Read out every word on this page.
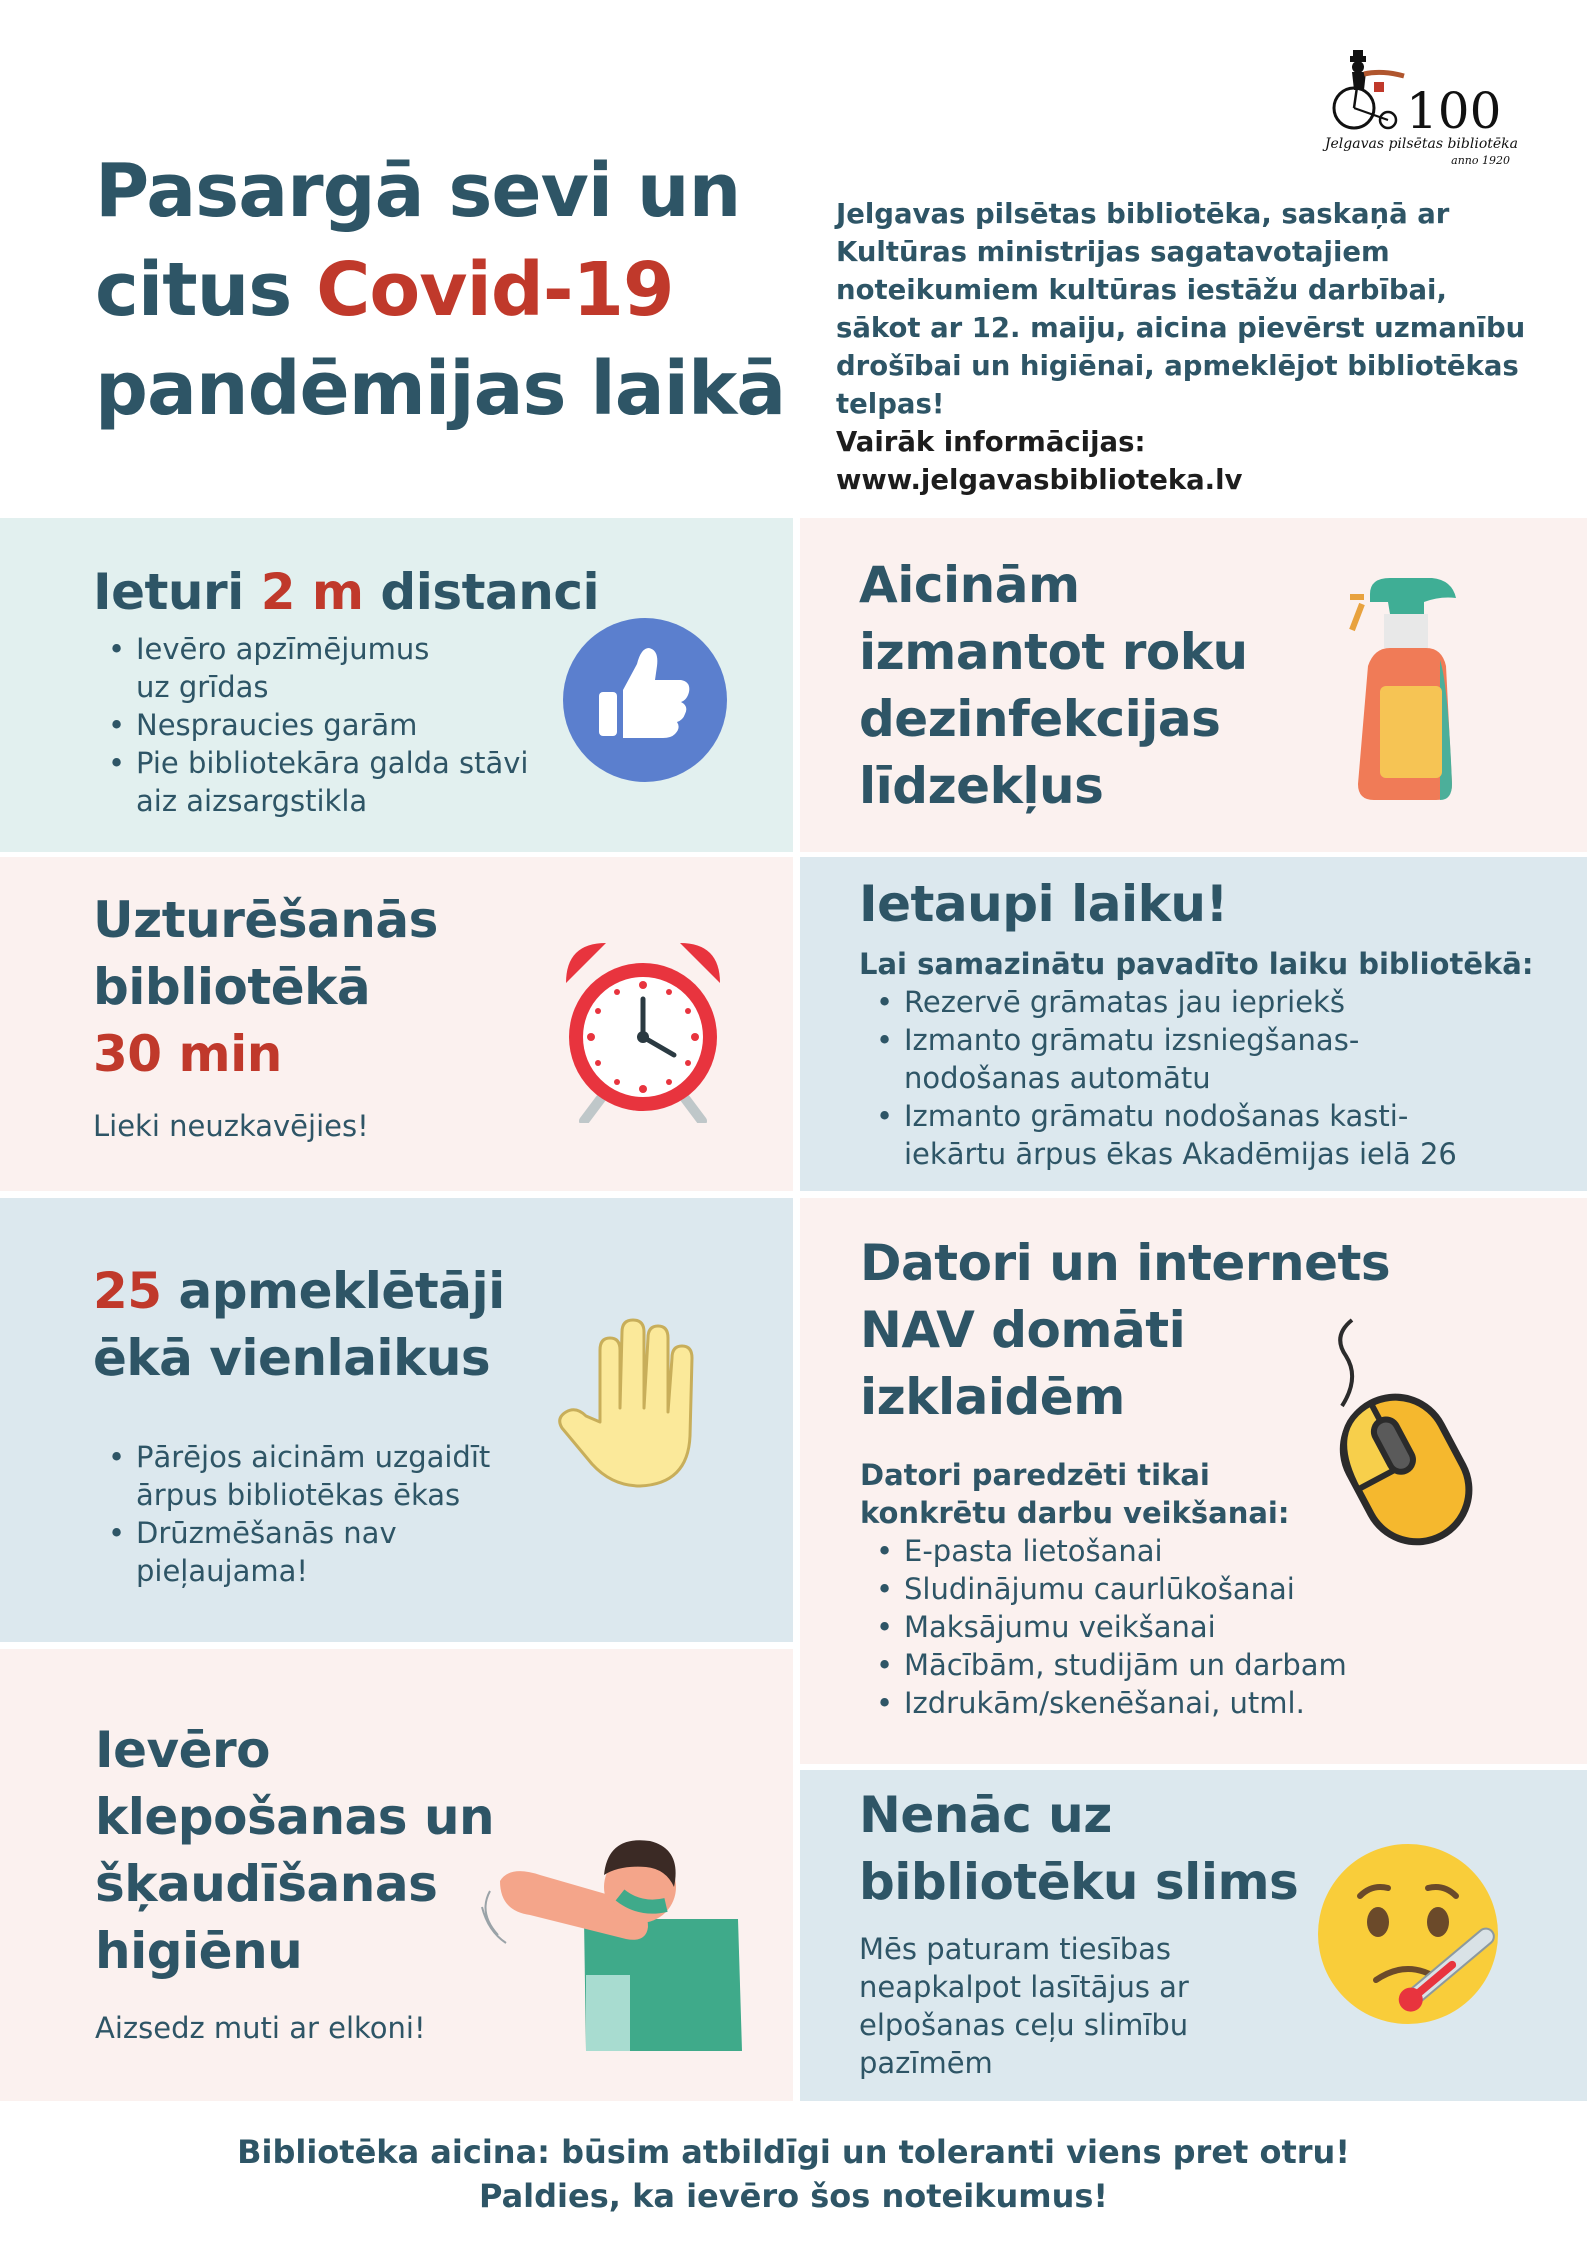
100
Jelgavas pilsētas bibliotēka
anno 1920
Pasargā sevi un
citus Covid-19
pandēmijas laikā
Jelgavas pilsētas bibliotēka, saskaņā ar Kultūras ministrijas sagatavotajiem noteikumiem kultūras iestāžu darbībai, sākot ar 12. maiju, aicina pievērst uzmanību drošībai un higiēnai, apmeklējot bibliotēkas telpas!
Vairāk informācijas: www.jelgavasbiblioteka.lv
Ieturi 2 m distanci
• Ievēro apzīmējumus uz grīdas
• Nespraucies garām
• Pie bibliotekāra galda stāvi aiz aizsargstikla
Aicinām
izmantot roku
dezinfekcijas
līdzekļus
Uzturēšanās
bibliotēkā
30 min
Lieki neuzkavējies!
Ietaupi laiku!
Lai samazinātu pavadīto laiku bibliotēkā:
• Rezervē grāmatas jau iepriekš
• Izmanto grāmatu izsniegšanas-nodošanas automātu
• Izmanto grāmatu nodošanas kasti-iekārtu ārpus ēkas Akadēmijas ielā 26
25 apmeklētāji
ēkā vienlaikus
• Pārējos aicinām uzgaidīt ārpus bibliotēkas ēkas
• Drūzmēšanās nav pieļaujama!
Datori un internets
NAV domāti
izklaidēm
Datori paredzēti tikai
konkrētu darbu veikšanai:
• E-pasta lietošanai
• Sludinājumu caurlūkošanai
• Maksājumu veikšanai
• Mācībām, studijām un darbam
• Izdrukām/skenēšanai, utml.
Ievēro
klepošanas un
šķaudīšanas
higiēnu
Aizsedz muti ar elkoni!
Nenāc uz
bibliotēku slims
Mēs paturam tiesības neapkalpot lasītājus ar elpošanas ceļu slimību pazīmēm
Bibliotēka aicina: būsim atbildīgi un toleranti viens pret otru!
Paldies, ka ievēro šos noteikumus!
